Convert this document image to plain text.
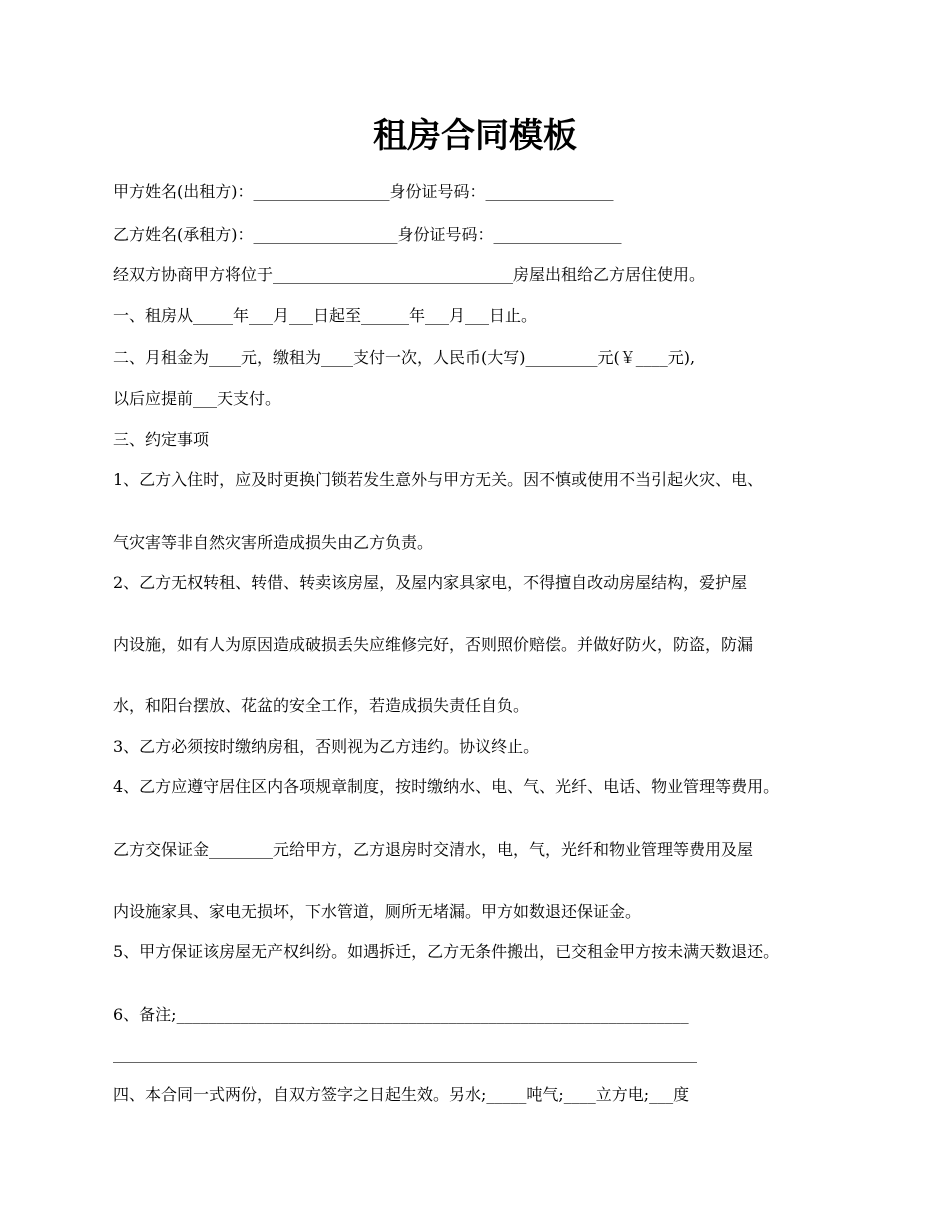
租房合同模板

甲方姓名(出租方)：_________________身份证号码：________________

乙方姓名(承租方)：__________________身份证号码：________________

经双方协商甲方将位于______________________________房屋出租给乙方居住使用。

一、租房从_____年___月___日起至______年___月___日止。

二、月租金为____元，缴租为____支付一次，人民币(大写)_________元(￥____元),

以后应提前___天支付。

三、约定事项

1、乙方入住时，应及时更换门锁若发生意外与甲方无关。因不慎或使用不当引起火灾、电、

气灾害等非自然灾害所造成损失由乙方负责。

2、乙方无权转租、转借、转卖该房屋，及屋内家具家电，不得擅自改动房屋结构，爱护屋

内设施，如有人为原因造成破损丢失应维修完好，否则照价赔偿。并做好防火，防盗，防漏

水，和阳台摆放、花盆的安全工作，若造成损失责任自负。

3、乙方必须按时缴纳房租，否则视为乙方违约。协议终止。

4、乙方应遵守居住区内各项规章制度，按时缴纳水、电、气、光纤、电话、物业管理等费用。

乙方交保证金________元给甲方，乙方退房时交清水，电，气，光纤和物业管理等费用及屋

内设施家具、家电无损坏，下水管道，厕所无堵漏。甲方如数退还保证金。

5、甲方保证该房屋无产权纠纷。如遇拆迁，乙方无条件搬出，已交租金甲方按未满天数退还。

6、备注;________________________________________________________________

_________________________________________________________________________

四、本合同一式两份，自双方签字之日起生效。另水;_____吨气;____立方电;___度
